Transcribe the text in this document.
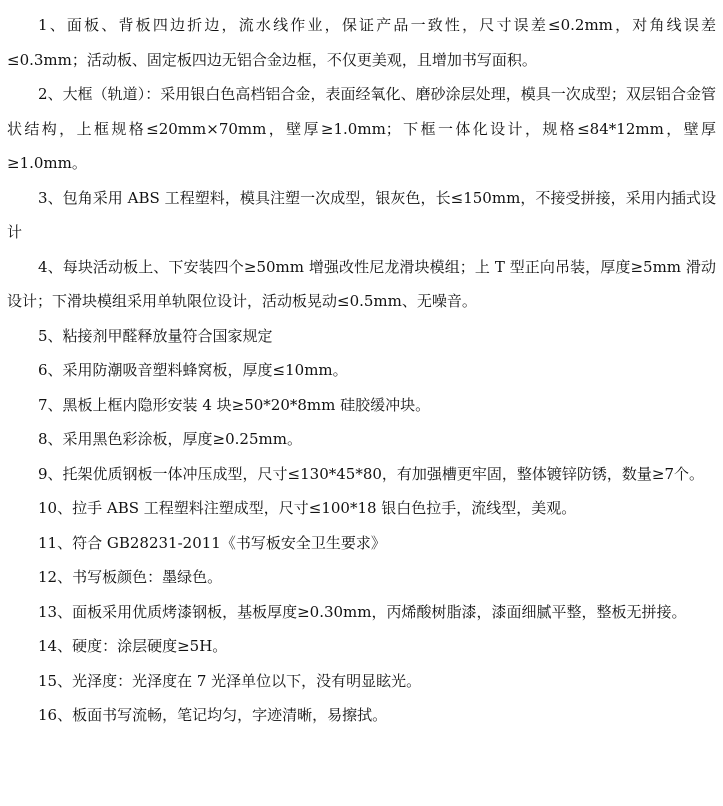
1、面板、背板四边折边，流水线作业，保证产品一致性，尺寸误差≤0.2mm，对角线误差≤0.3mm；活动板、固定板四边无铝合金边框，不仅更美观，且增加书写面积。

2、大框（轨道）：采用银白色高档铝合金，表面经氧化、磨砂涂层处理，模具一次成型；双层铝合金管状结构，上框规格≤20mm×70mm，壁厚≥1.0mm；下框一体化设计，规格≤84*12mm，壁厚≥1.0mm。

3、包角采用 ABS 工程塑料，模具注塑一次成型，银灰色，长≤150mm，不接受拼接，采用内插式设计

4、每块活动板上、下安装四个≥50mm 增强改性尼龙滑块模组；上 T 型正向吊装，厚度≥5mm 滑动设计；下滑块模组采用单轨限位设计，活动板晃动≤0.5mm、无噪音。

5、粘接剂甲醛释放量符合国家规定

6、采用防潮吸音塑料蜂窝板，厚度≤10mm。

7、黑板上框内隐形安装 4 块≥50*20*8mm 硅胶缓冲块。

8、采用黑色彩涂板，厚度≥0.25mm。

9、托架优质钢板一体冲压成型，尺寸≤130*45*80，有加强槽更牢固，整体镀锌防锈，数量≥7个。

10、拉手 ABS 工程塑料注塑成型，尺寸≤100*18 银白色拉手，流线型，美观。

11、符合 GB28231-2011《书写板安全卫生要求》

12、书写板颜色：墨绿色。

13、面板采用优质烤漆钢板，基板厚度≥0.30mm，丙烯酸树脂漆，漆面细腻平整，整板无拼接。

14、硬度：涂层硬度≥5H。

15、光泽度：光泽度在 7 光泽单位以下，没有明显眩光。

16、板面书写流畅，笔记均匀，字迹清晰，易擦拭。
